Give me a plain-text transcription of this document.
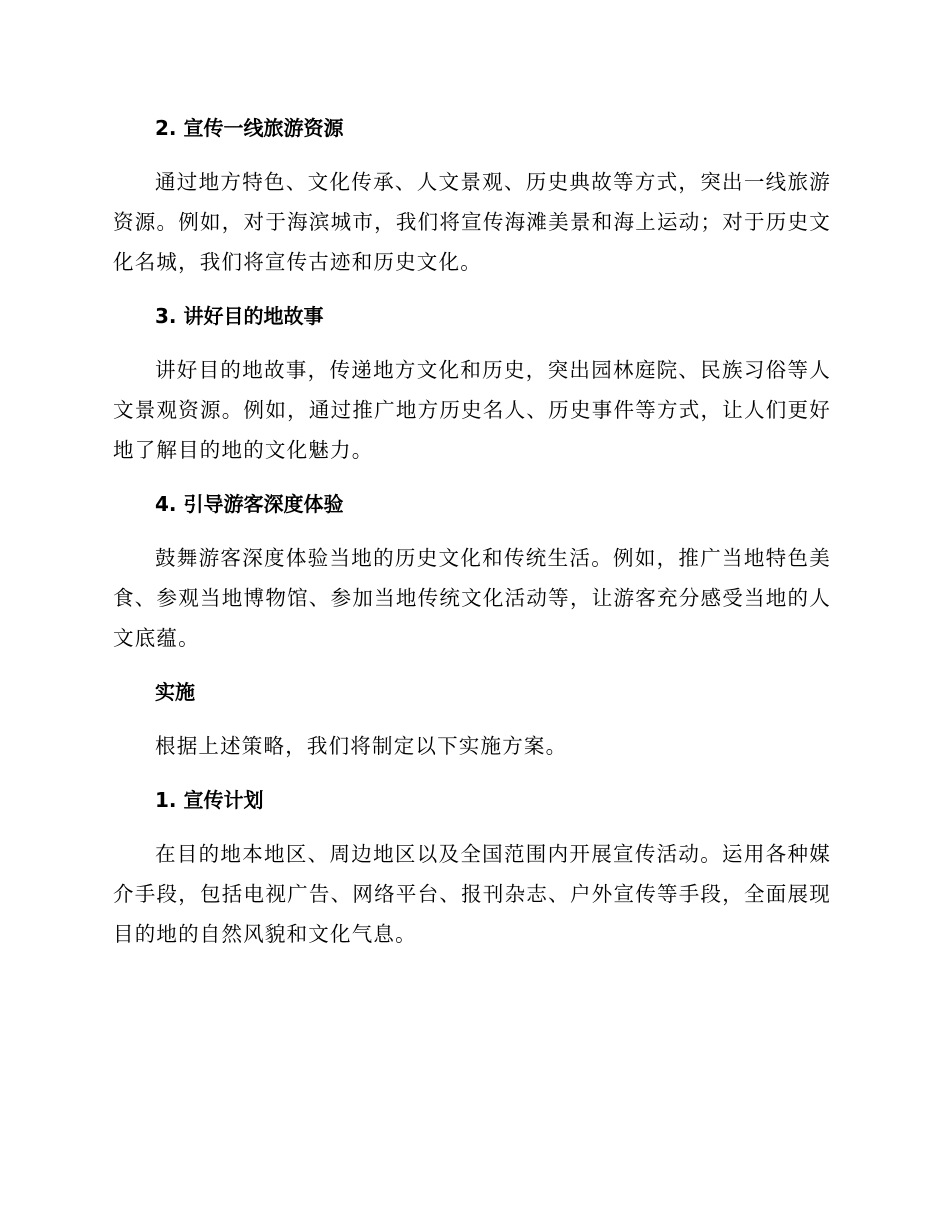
2. 宣传一线旅游资源

通过地方特色、文化传承、人文景观、历史典故等方式，突出一线旅游资源。例如，对于海滨城市，我们将宣传海滩美景和海上运动；对于历史文化名城，我们将宣传古迹和历史文化。

3. 讲好目的地故事

讲好目的地故事，传递地方文化和历史，突出园林庭院、民族习俗等人文景观资源。例如，通过推广地方历史名人、历史事件等方式，让人们更好地了解目的地的文化魅力。

4. 引导游客深度体验

鼓舞游客深度体验当地的历史文化和传统生活。例如，推广当地特色美食、参观当地博物馆、参加当地传统文化活动等，让游客充分感受当地的人文底蕴。

实施

根据上述策略，我们将制定以下实施方案。

1. 宣传计划

在目的地本地区、周边地区以及全国范围内开展宣传活动。运用各种媒介手段，包括电视广告、网络平台、报刊杂志、户外宣传等手段，全面展现目的地的自然风貌和文化气息。
